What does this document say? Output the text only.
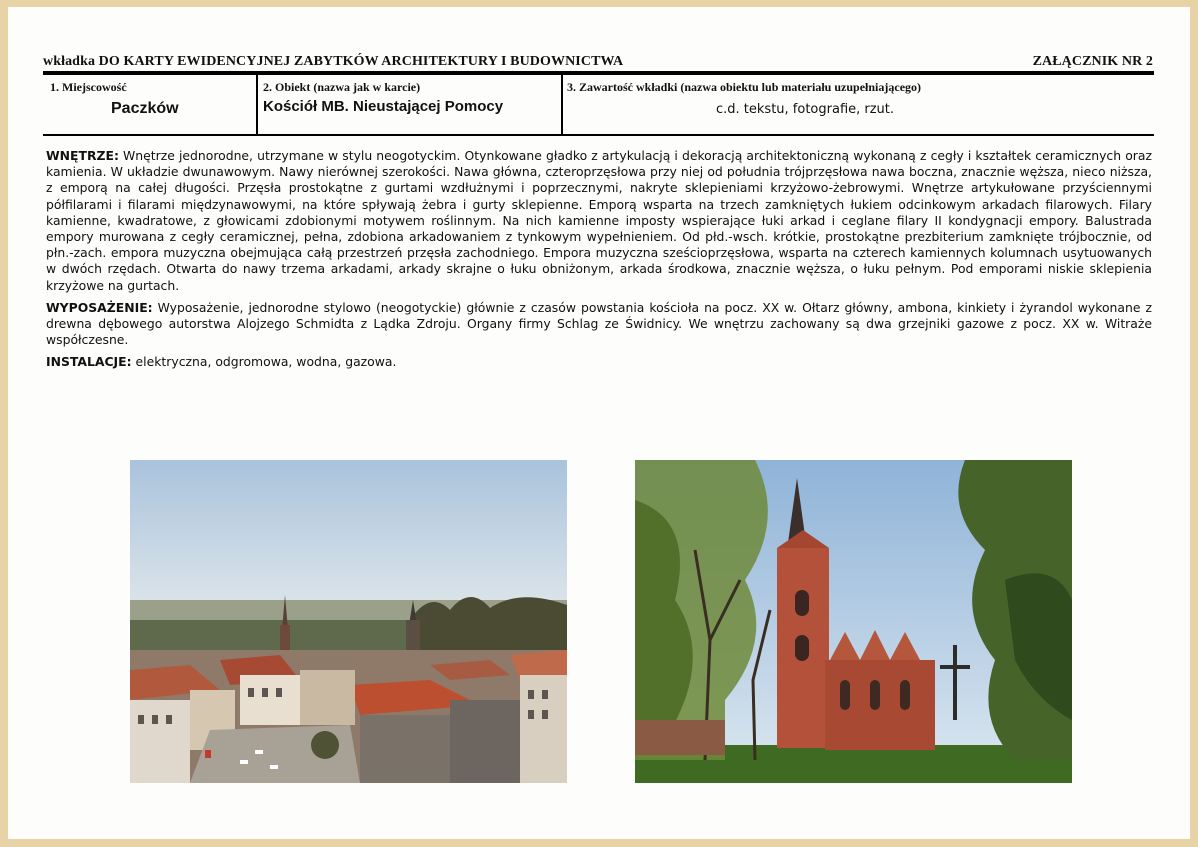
wkładka DO KARTY EWIDENCYJNEJ ZABYTKÓW ARCHITEKTURY I BUDOWNICTWA	ZAŁĄCZNIK NR 2
1. Miejscowość
Paczków
2. Obiekt (nazwa jak w karcie)
Kościół MB. Nieustającej Pomocy
3. Zawartość wkładki (nazwa obiektu lub materiału uzupełniającego)
c.d. tekstu, fotografie, rzut.

WNĘTRZE: Wnętrze jednorodne, utrzymane w stylu neogotyckim. Otynkowane gładko z artykulacją i dekoracją architektoniczną wykonaną z cegły i kształtek ceramicznych oraz kamienia. W układzie dwunawowym. Nawy nierównej szerokości. Nawa główna, czteroprzęsłowa przy niej od południa trójprzęsłowa nawa boczna, znacznie węższa, nieco niższa, z emporą na całej długości. Przęsła prostokątne z gurtami wzdłużnymi i poprzecznymi, nakryte sklepieniami krzyżowo-żebrowymi. Wnętrze artykułowane przyściennymi półfilarami i filarami międzynawowymi, na które spływają żebra i gurty sklepienne. Emporą wsparta na trzech zamkniętych łukiem odcinkowym arkadach filarowych. Filary kamienne, kwadratowe, z głowicami zdobionymi motywem roślinnym. Na nich kamienne imposty wspierające łuki arkad i ceglane filary II kondygnacji empory. Balustrada empory murowana z cegły ceramicznej, pełna, zdobiona arkadowaniem z tynkowym wypełnieniem. Od płd.-wsch. krótkie, prostokątne prezbiterium zamknięte trójbocznie, od płn.-zach. empora muzyczna obejmująca całą przestrzeń przęsła zachodniego. Empora muzyczna sześcioprzęsłowa, wsparta na czterech kamiennych kolumnach usytuowanych w dwóch rzędach. Otwarta do nawy trzema arkadami, arkady skrajne o łuku obniżonym, arkada środkowa, znacznie węższa, o łuku pełnym. Pod emporami niskie sklepienia krzyżowe na gurtach.

WYPOSAŻENIE: Wyposażenie, jednorodne stylowo (neogotyckie) głównie z czasów powstania kościoła na pocz. XX w. Ołtarz główny, ambona, kinkiety i żyrandol wykonane z drewna dębowego autorstwa Alojzego Schmidta z Lądka Zdroju. Organy firmy Schlag ze Świdnicy. We wnętrzu zachowany są dwa grzejniki gazowe z pocz. XX w. Witraże współczesne.

INSTALACJE: elektryczna, odgromowa, wodna, gazowa.
